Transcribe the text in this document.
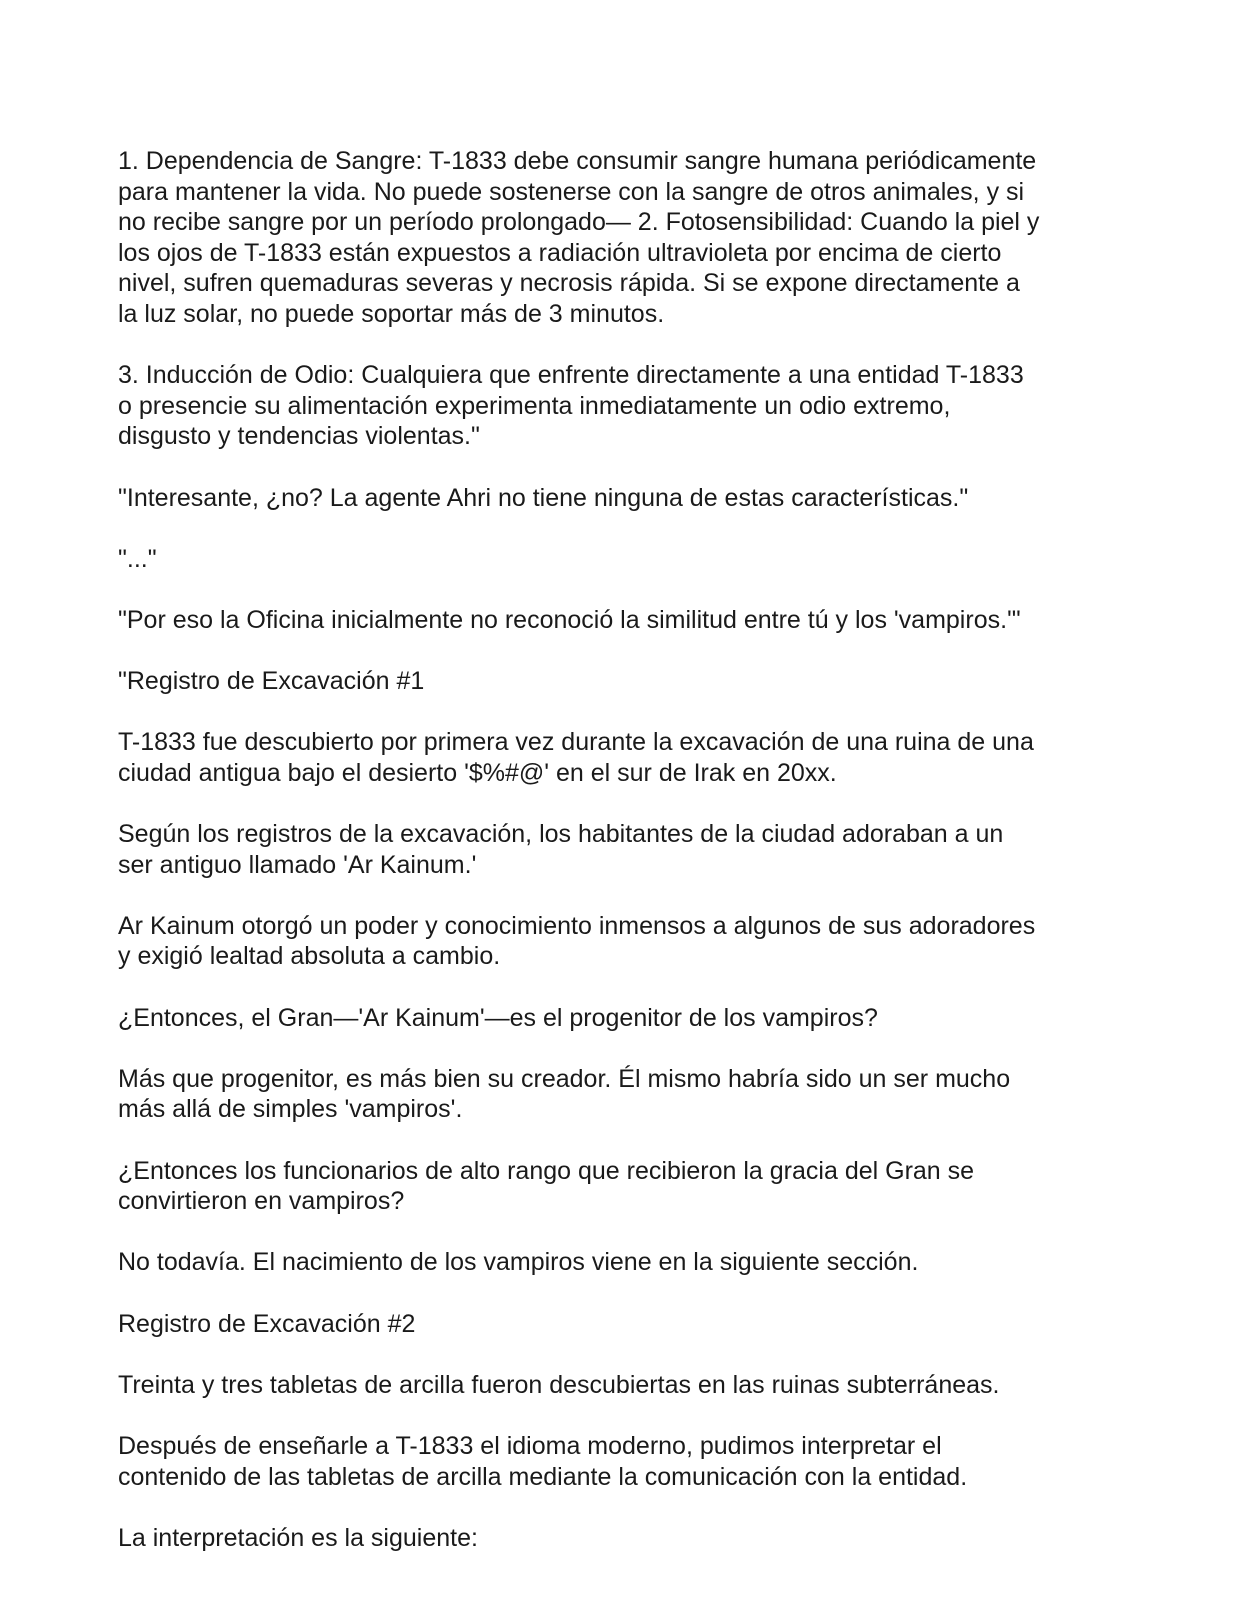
1. Dependencia de Sangre: T-1833 debe consumir sangre humana periódicamente
para mantener la vida. No puede sostenerse con la sangre de otros animales, y si
no recibe sangre por un período prolongado— 2. Fotosensibilidad: Cuando la piel y
los ojos de T-1833 están expuestos a radiación ultravioleta por encima de cierto
nivel, sufren quemaduras severas y necrosis rápida. Si se expone directamente a
la luz solar, no puede soportar más de 3 minutos.

3. Inducción de Odio: Cualquiera que enfrente directamente a una entidad T-1833
o presencie su alimentación experimenta inmediatamente un odio extremo,
disgusto y tendencias violentas."

"Interesante, ¿no? La agente Ahri no tiene ninguna de estas características."

"..."

"Por eso la Oficina inicialmente no reconoció la similitud entre tú y los 'vampiros.'"

"Registro de Excavación #1

T-1833 fue descubierto por primera vez durante la excavación de una ruina de una
ciudad antigua bajo el desierto '$%#@' en el sur de Irak en 20xx.

Según los registros de la excavación, los habitantes de la ciudad adoraban a un
ser antiguo llamado 'Ar Kainum.'

Ar Kainum otorgó un poder y conocimiento inmensos a algunos de sus adoradores
y exigió lealtad absoluta a cambio.

¿Entonces, el Gran—'Ar Kainum'—es el progenitor de los vampiros?

Más que progenitor, es más bien su creador. Él mismo habría sido un ser mucho
más allá de simples 'vampiros'.

¿Entonces los funcionarios de alto rango que recibieron la gracia del Gran se
convirtieron en vampiros?

No todavía. El nacimiento de los vampiros viene en la siguiente sección.

Registro de Excavación #2

Treinta y tres tabletas de arcilla fueron descubiertas en las ruinas subterráneas.

Después de enseñarle a T-1833 el idioma moderno, pudimos interpretar el
contenido de las tabletas de arcilla mediante la comunicación con la entidad.

La interpretación es la siguiente:
